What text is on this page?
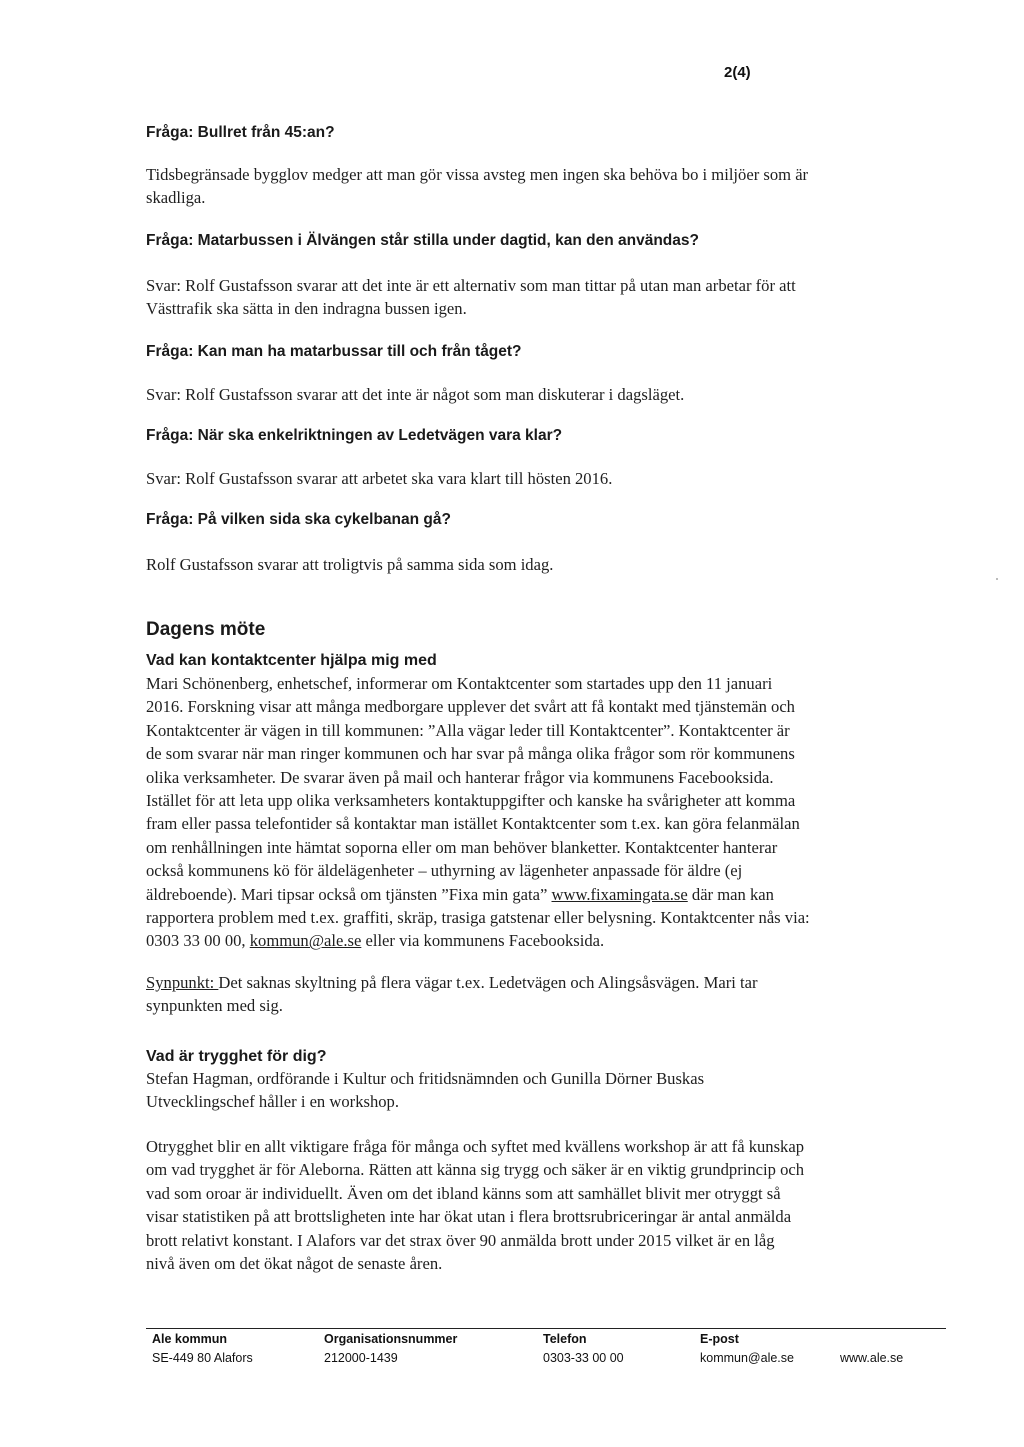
2(4)
Fråga: Bullret från 45:an?
Tidsbegränsade bygglov medger att man gör vissa avsteg men ingen ska behöva bo i miljöer som är
skadliga.
Fråga: Matarbussen i Älvängen står stilla under dagtid, kan den användas?
Svar: Rolf Gustafsson svarar att det inte är ett alternativ som man tittar på utan man arbetar för att
Västtrafik ska sätta in den indragna bussen igen.
Fråga: Kan man ha matarbussar till och från tåget?
Svar: Rolf Gustafsson svarar att det inte är något som man diskuterar i dagsläget.
Fråga: När ska enkelriktningen av Ledetvägen vara klar?
Svar: Rolf Gustafsson svarar att arbetet ska vara klart till hösten 2016.
Fråga: På vilken sida ska cykelbanan gå?
Rolf Gustafsson svarar att troligtvis på samma sida som idag.
Dagens möte
Vad kan kontaktcenter hjälpa mig med
Mari Schönenberg, enhetschef, informerar om Kontaktcenter som startades upp den 11 januari
2016. Forskning visar att många medborgare upplever det svårt att få kontakt med tjänstemän och
Kontaktcenter är vägen in till kommunen: ”Alla vägar leder till Kontaktcenter”. Kontaktcenter är
de som svarar när man ringer kommunen och har svar på många olika frågor som rör kommunens
olika verksamheter. De svarar även på mail och hanterar frågor via kommunens Facebooksida.
Istället för att leta upp olika verksamheters kontaktuppgifter och kanske ha svårigheter att komma
fram eller passa telefontider så kontaktar man istället Kontaktcenter som t.ex. kan göra felanmälan
om renhållningen inte hämtat soporna eller om man behöver blanketter. Kontaktcenter hanterar
också kommunens kö för äldelägenheter – uthyrning av lägenheter anpassade för äldre (ej
äldreboende). Mari tipsar också om tjänsten ”Fixa min gata” www.fixamingata.se där man kan
rapportera problem med t.ex. graffiti, skräp, trasiga gatstenar eller belysning. Kontaktcenter nås via:
0303 33 00 00, kommun@ale.se eller via kommunens Facebooksida.
Synpunkt: Det saknas skyltning på flera vägar t.ex. Ledetvägen och Alingsåsvägen. Mari tar
synpunkten med sig.
Vad är trygghet för dig?
Stefan Hagman, ordförande i Kultur och fritidsnämnden och Gunilla Dörner Buskas
Utvecklingschef håller i en workshop.
Otrygghet blir en allt viktigare fråga för många och syftet med kvällens workshop är att få kunskap
om vad trygghet är för Aleborna. Rätten att känna sig trygg och säker är en viktig grundprincip och
vad som oroar är individuellt. Även om det ibland känns som att samhället blivit mer otryggt så
visar statistiken på att brottsligheten inte har ökat utan i flera brottsrubriceringar är antal anmälda
brott relativt konstant. I Alafors var det strax över 90 anmälda brott under 2015 vilket är en låg
nivå även om det ökat något de senaste åren.
Ale kommun
SE-449 80 Alafors
Organisationsnummer
212000-1439
Telefon
0303-33 00 00
E-post
kommun@ale.se	www.ale.se
